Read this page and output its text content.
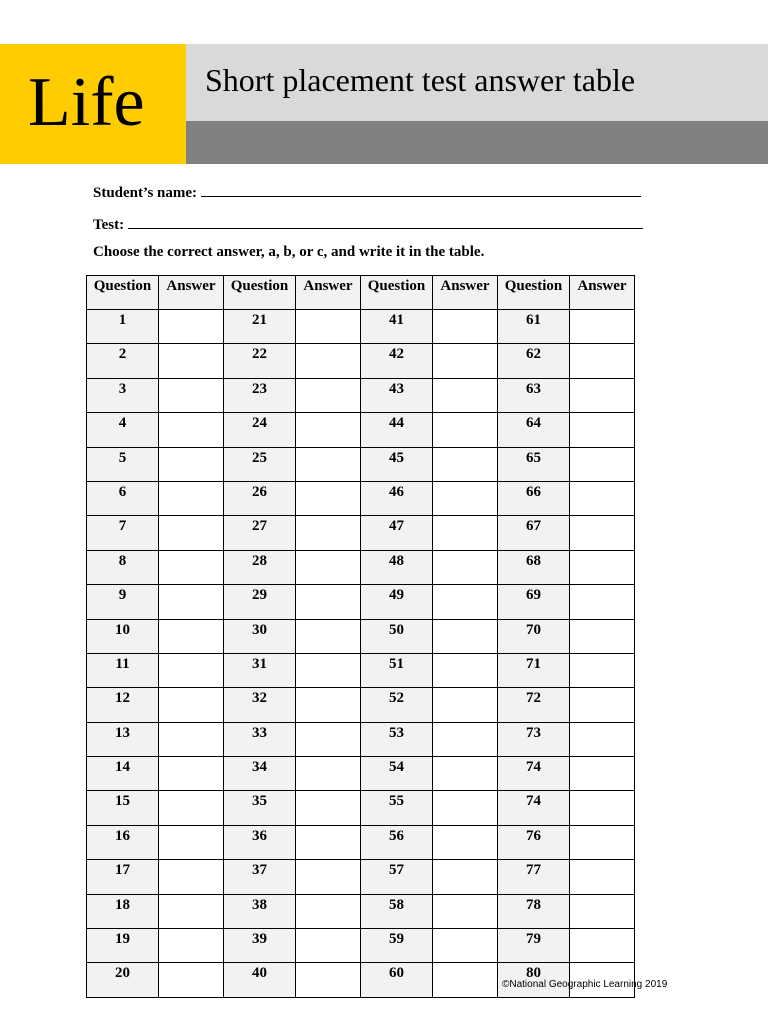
Life Short placement test answer table
Student’s name:
Test:
Choose the correct answer, a, b, or c, and write it in the table.
Question	Answer	Question	Answer	Question	Answer	Question	Answer
1		21		41		61	
2		22		42		62	
3		23		43		63	
4		24		44		64	
5		25		45		65	
6		26		46		66	
7		27		47		67	
8		28		48		68	
9		29		49		69	
10		30		50		70	
11		31		51		71	
12		32		52		72	
13		33		53		73	
14		34		54		74	
15		35		55		74	
16		36		56		76	
17		37		57		77	
18		38		58		78	
19		39		59		79	
20		40		60		80	
©National Geographic Learning 2019
